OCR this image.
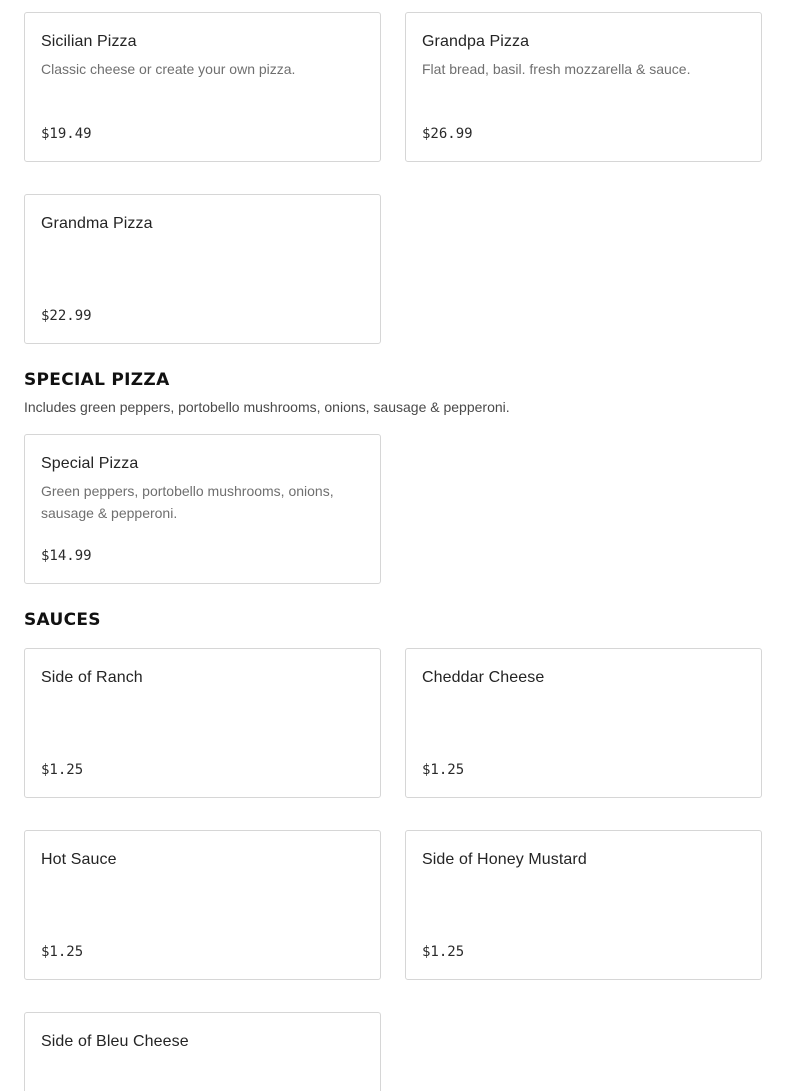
Sicilian Pizza
Classic cheese or create your own pizza.
$19.49
Grandpa Pizza
Flat bread, basil. fresh mozzarella & sauce.
$26.99
Grandma Pizza
$22.99
SPECIAL PIZZA
Includes green peppers, portobello mushrooms, onions, sausage & pepperoni.
Special Pizza
Green peppers, portobello mushrooms, onions, sausage & pepperoni.
$14.99
SAUCES
Side of Ranch
$1.25
Cheddar Cheese
$1.25
Hot Sauce
$1.25
Side of Honey Mustard
$1.25
Side of Bleu Cheese
